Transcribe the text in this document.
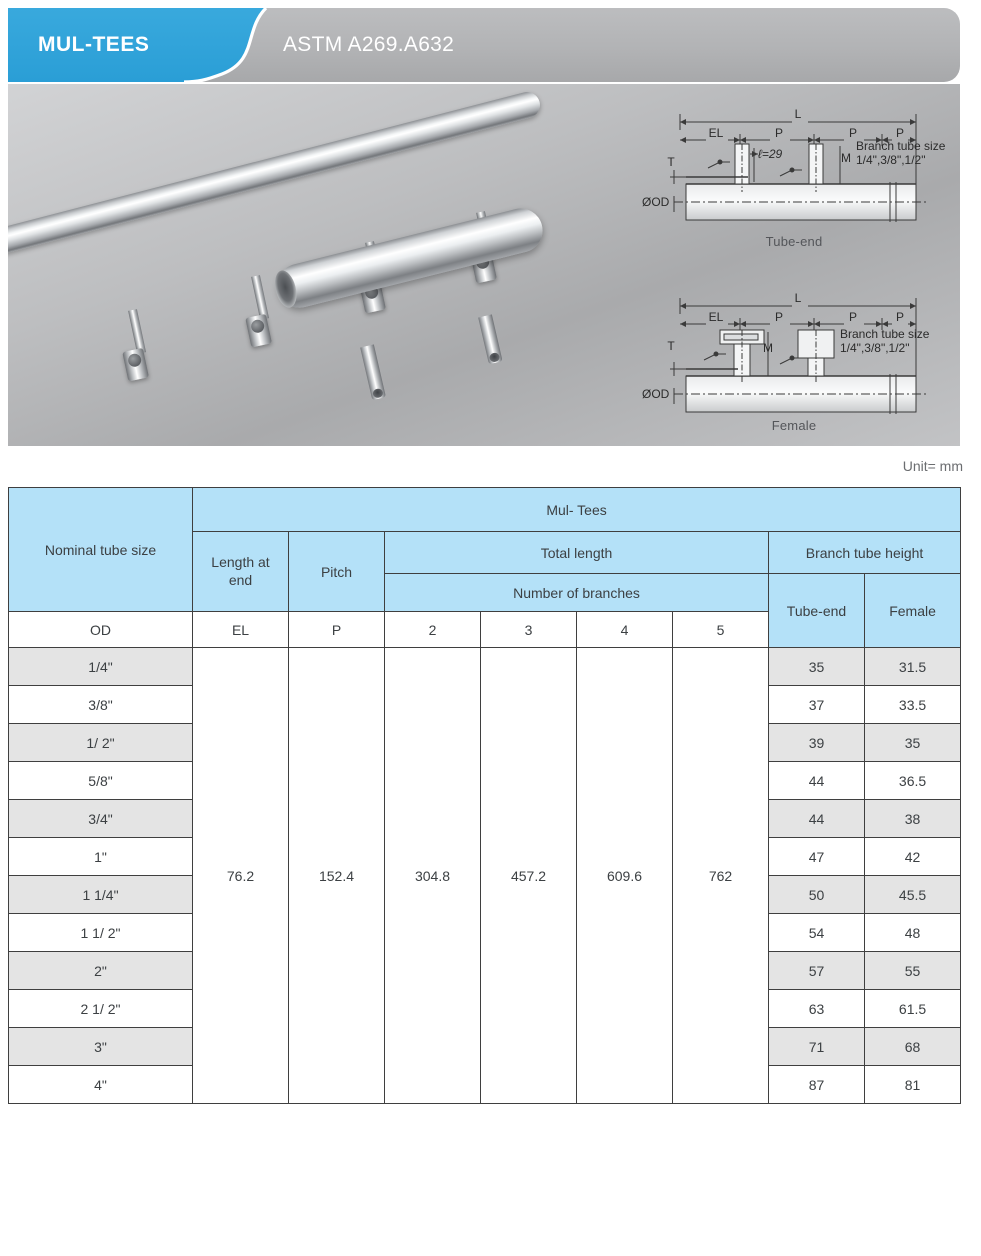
MUL-TEES	ASTM A269.A632
L
EL	P	P	P
T	M
ØOD
ℓ=29
Branch tube size
1/4",3/8",1/2"
L
EL	P	P	P
T	M
ØOD
Branch tube size
1/4",3/8",1/2"
Tube-end
Female
Unit= mm
Nominal tube size	Mul- Tees							
	Length at
end	Pitch	Total length				Branch tube height	
			Number of branches				Tube-end	Female
OD	EL	P	2	3	4	5		
1/4"	76.2	152.4	304.8	457.2	609.6	762	35	31.5
3/8"							37	33.5
1/ 2"							39	35
5/8"							44	36.5
3/4"							44	38
1"							47	42
1 1/4"							50	45.5
1 1/ 2"							54	48
2"							57	55
2 1/ 2"							63	61.5
3"							71	68
4"							87	81
